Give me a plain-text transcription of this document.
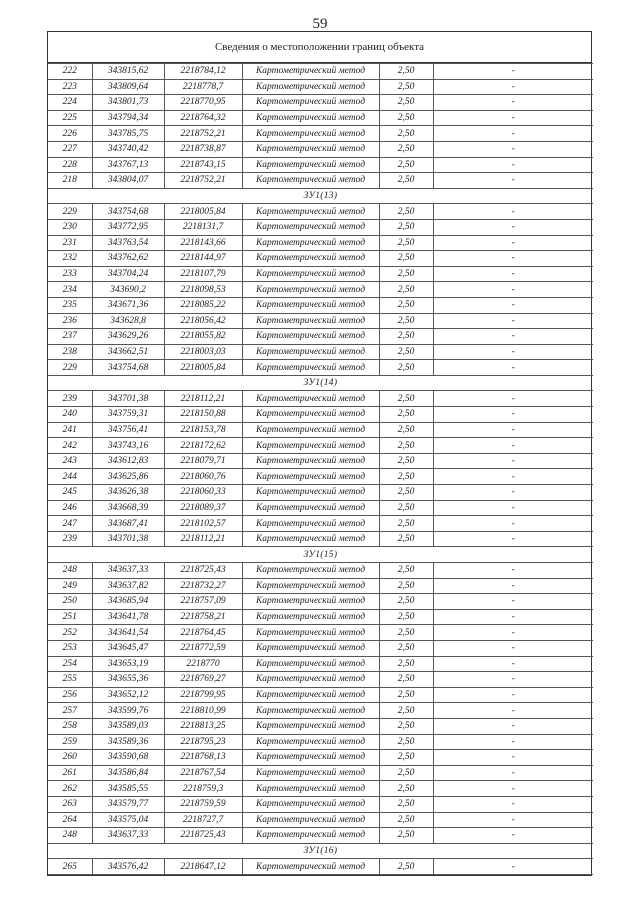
59
Сведения о местоположении границ объекта
222	343815,62	2218784,12	Картометрический метод	2,50	-
223	343809,64	2218778,7	Картометрический метод	2,50	-
224	343801,73	2218770,95	Картометрический метод	2,50	-
225	343794,34	2218764,32	Картометрический метод	2,50	-
226	343785,75	2218752,21	Картометрический метод	2,50	-
227	343740,42	2218738,87	Картометрический метод	2,50	-
228	343767,13	2218743,15	Картометрический метод	2,50	-
218	343804,07	2218752,21	Картометрический метод	2,50	-
ЗУ1(13)					
229	343754,68	2218005,84	Картометрический метод	2,50	-
230	343772,95	2218131,7	Картометрический метод	2,50	-
231	343763,54	2218143,66	Картометрический метод	2,50	-
232	343762,62	2218144,97	Картометрический метод	2,50	-
233	343704,24	2218107,79	Картометрический метод	2,50	-
234	343690,2	2218098,53	Картометрический метод	2,50	-
235	343671,36	2218085,22	Картометрический метод	2,50	-
236	343628,8	2218056,42	Картометрический метод	2,50	-
237	343629,26	2218055,82	Картометрический метод	2,50	-
238	343662,51	2218003,03	Картометрический метод	2,50	-
229	343754,68	2218005,84	Картометрический метод	2,50	-
ЗУ1(14)					
239	343701,38	2218112,21	Картометрический метод	2,50	-
240	343759,31	2218150,88	Картометрический метод	2,50	-
241	343756,41	2218153,78	Картометрический метод	2,50	-
242	343743,16	2218172,62	Картометрический метод	2,50	-
243	343612,83	2218079,71	Картометрический метод	2,50	-
244	343625,86	2218060,76	Картометрический метод	2,50	-
245	343626,38	2218060,33	Картометрический метод	2,50	-
246	343668,39	2218089,37	Картометрический метод	2,50	-
247	343687,41	2218102,57	Картометрический метод	2,50	-
239	343701,38	2218112,21	Картометрический метод	2,50	-
ЗУ1(15)					
248	343637,33	2218725,43	Картометрический метод	2,50	-
249	343637,82	2218732,27	Картометрический метод	2,50	-
250	343685,94	2218757,09	Картометрический метод	2,50	-
251	343641,78	2218758,21	Картометрический метод	2,50	-
252	343641,54	2218764,45	Картометрический метод	2,50	-
253	343645,47	2218772,59	Картометрический метод	2,50	-
254	343653,19	2218770	Картометрический метод	2,50	-
255	343655,36	2218769,27	Картометрический метод	2,50	-
256	343652,12	2218799,95	Картометрический метод	2,50	-
257	343599,76	2218810,99	Картометрический метод	2,50	-
258	343589,03	2218813,25	Картометрический метод	2,50	-
259	343589,36	2218795,23	Картометрический метод	2,50	-
260	343590,68	2218768,13	Картометрический метод	2,50	-
261	343586,84	2218767,54	Картометрический метод	2,50	-
262	343585,55	2218759,3	Картометрический метод	2,50	-
263	343579,77	2218759,59	Картометрический метод	2,50	-
264	343575,04	2218727,7	Картометрический метод	2,50	-
248	343637,33	2218725,43	Картометрический метод	2,50	-
ЗУ1(16)					
265	343576,42	2218647,12	Картометрический метод	2,50	-
